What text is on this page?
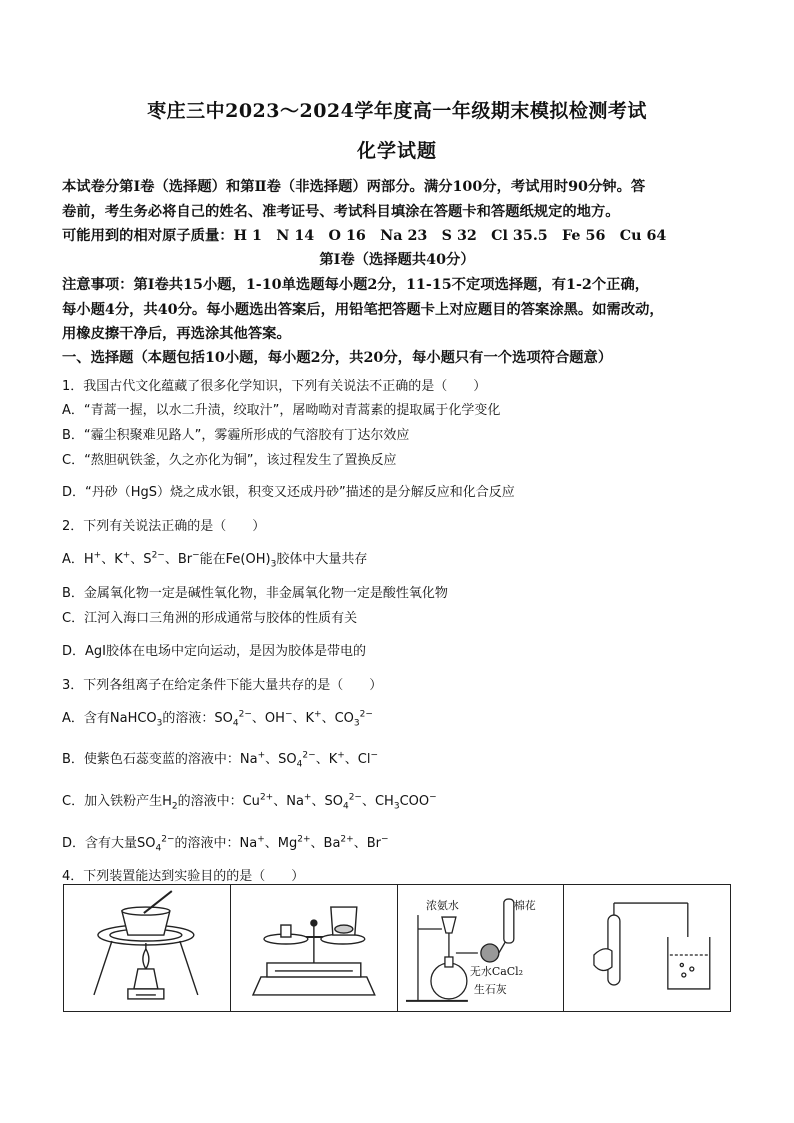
枣庄三中2023～2024学年度高一年级期末模拟检测考试
化学试题
本试卷分第Ⅰ卷（选择题）和第Ⅱ卷（非选择题）两部分。满分100分，考试用时90分钟。答
卷前，考生务必将自己的姓名、准考证号、考试科目填涂在答题卡和答题纸规定的地方。
可能用到的相对原子质量：H 1　N 14　O 16　Na 23　S 32　Cl 35.5　Fe 56　Cu 64
第Ⅰ卷（选择题共40分）
注意事项：第Ⅰ卷共15小题，1-10单选题每小题2分，11-15不定项选择题，有1-2个正确，
每小题4分，共40分。每小题选出答案后，用铅笔把答题卡上对应题目的答案涂黑。如需改动，
用橡皮擦干净后，再选涂其他答案。
一、选择题（本题包括10小题，每小题2分，共20分，每小题只有一个选项符合题意）
1．我国古代文化蕴藏了很多化学知识，下列有关说法不正确的是（　　）
A．“青蒿一握，以水二升渍，绞取汁”，屠呦呦对青蒿素的提取属于化学变化
B．“霾尘积聚难见路人”，雾霾所形成的气溶胶有丁达尔效应
C．“熬胆矾铁釜，久之亦化为铜”，该过程发生了置换反应
D．“丹砂（HgS）烧之成水银，积变又还成丹砂”描述的是分解反应和化合反应
2．下列有关说法正确的是（　　）
A．H+、K+、$S^{2-}$、Br−能在$Fe(OH)_3$胶体中大量共存
B．金属氧化物一定是碱性氧化物，非金属氧化物一定是酸性氧化物
C．江河入海口三角洲的形成通常与胶体的性质有关
D．AgI胶体在电场中定向运动，是因为胶体是带电的
3．下列各组离子在给定条件下能大量共存的是（　　）
A．含有NaHCO$_3$的溶液：$SO_4^{2-}$、OH−、K+、$CO_3^{2-}$
B．使紫色石蕊变蓝的溶液中：Na+、$SO_4^{2-}$、K+、Cl−
C．加入铁粉产生$H_2$的溶液中：$Cu^{2+}$、Na+、$SO_4^{2-}$、$CH_3COO^-$
D．含有大量$SO_4^{2-}$的溶液中：Na+、$Mg^{2+}$、$Ba^{2+}$、Br−
4．下列装置能达到实验目的的是（　　）
浓氨水	棉花
无水CaCl₂
生石灰
